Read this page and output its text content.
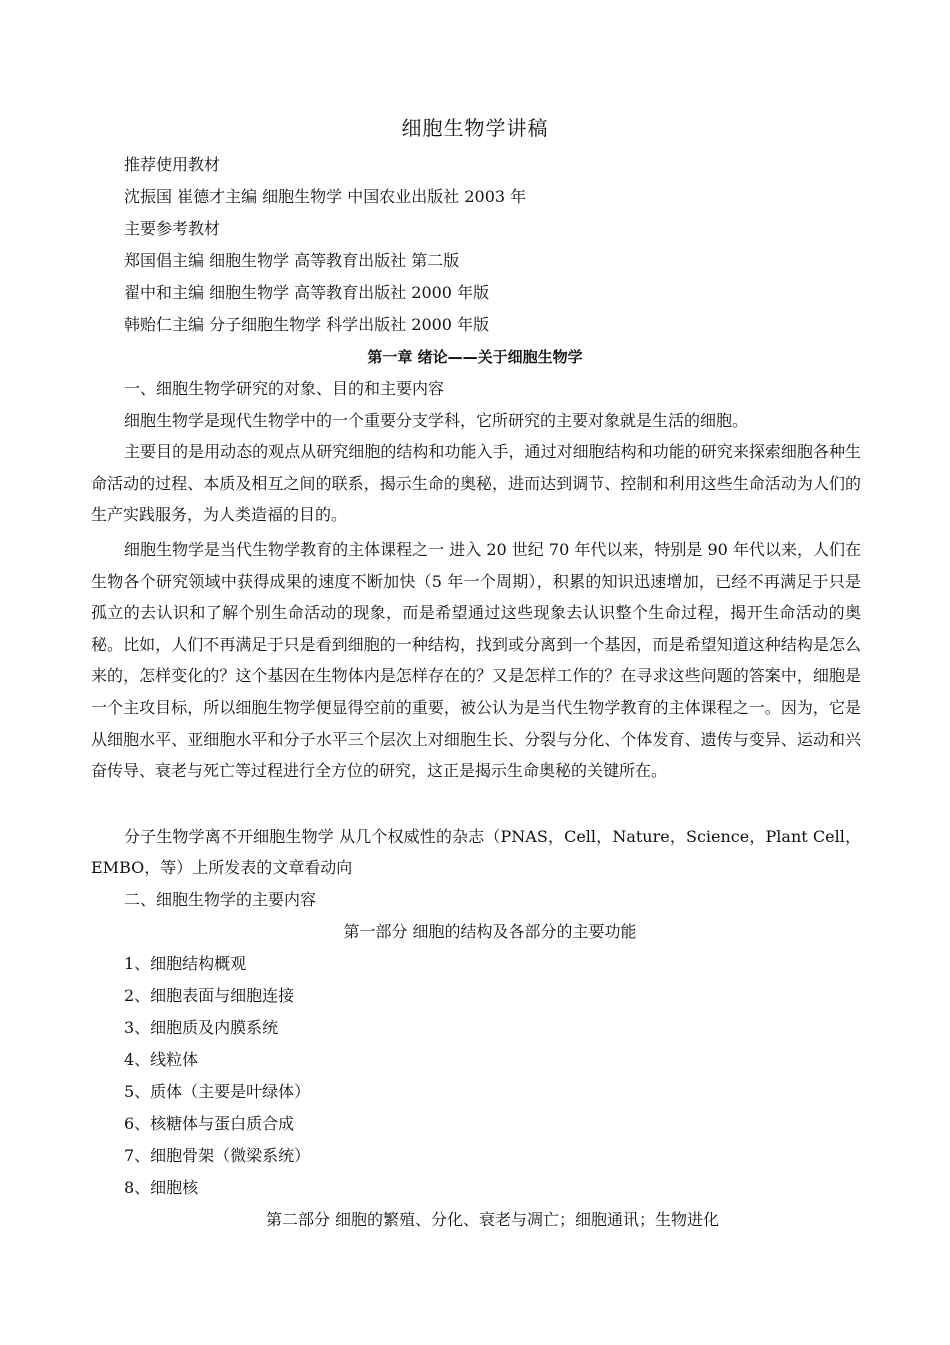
细胞生物学讲稿
推荐使用教材
沈振国 崔德才主编 细胞生物学 中国农业出版社 2003 年
主要参考教材
郑国倡主编 细胞生物学 高等教育出版社 第二版
翟中和主编 细胞生物学 高等教育出版社 2000 年版
韩贻仁主编 分子细胞生物学 科学出版社 2000 年版
第一章 绪论——关于细胞生物学
一、细胞生物学研究的对象、目的和主要内容
细胞生物学是现代生物学中的一个重要分支学科，它所研究的主要对象就是生活的细胞。
主要目的是用动态的观点从研究细胞的结构和功能入手，通过对细胞结构和功能的研究来探索细胞各种生命活动的过程、本质及相互之间的联系，揭示生命的奥秘，进而达到调节、控制和利用这些生命活动为人们的生产实践服务，为人类造福的目的。
细胞生物学是当代生物学教育的主体课程之一 进入 20 世纪 70 年代以来，特别是 90 年代以来，人们在生物各个研究领域中获得成果的速度不断加快（5 年一个周期），积累的知识迅速增加，已经不再满足于只是孤立的去认识和了解个别生命活动的现象，而是希望通过这些现象去认识整个生命过程，揭开生命活动的奥秘。比如，人们不再满足于只是看到细胞的一种结构，找到或分离到一个基因，而是希望知道这种结构是怎么来的，怎样变化的？这个基因在生物体内是怎样存在的？又是怎样工作的？在寻求这些问题的答案中，细胞是一个主攻目标，所以细胞生物学便显得空前的重要，被公认为是当代生物学教育的主体课程之一。因为，它是从细胞水平、亚细胞水平和分子水平三个层次上对细胞生长、分裂与分化、个体发育、遗传与变异、运动和兴奋传导、衰老与死亡等过程进行全方位的研究，这正是揭示生命奥秘的关键所在。
分子生物学离不开细胞生物学 从几个权威性的杂志（PNAS，Cell，Nature，Science，Plant Cell，EMBO，等）上所发表的文章看动向
二、细胞生物学的主要内容
第一部分 细胞的结构及各部分的主要功能
1、细胞结构概观
2、细胞表面与细胞连接
3、细胞质及内膜系统
4、线粒体
5、质体（主要是叶绿体）
6、核糖体与蛋白质合成
7、细胞骨架（微梁系统）
8、细胞核
第二部分 细胞的繁殖、分化、衰老与凋亡；细胞通讯；生物进化
